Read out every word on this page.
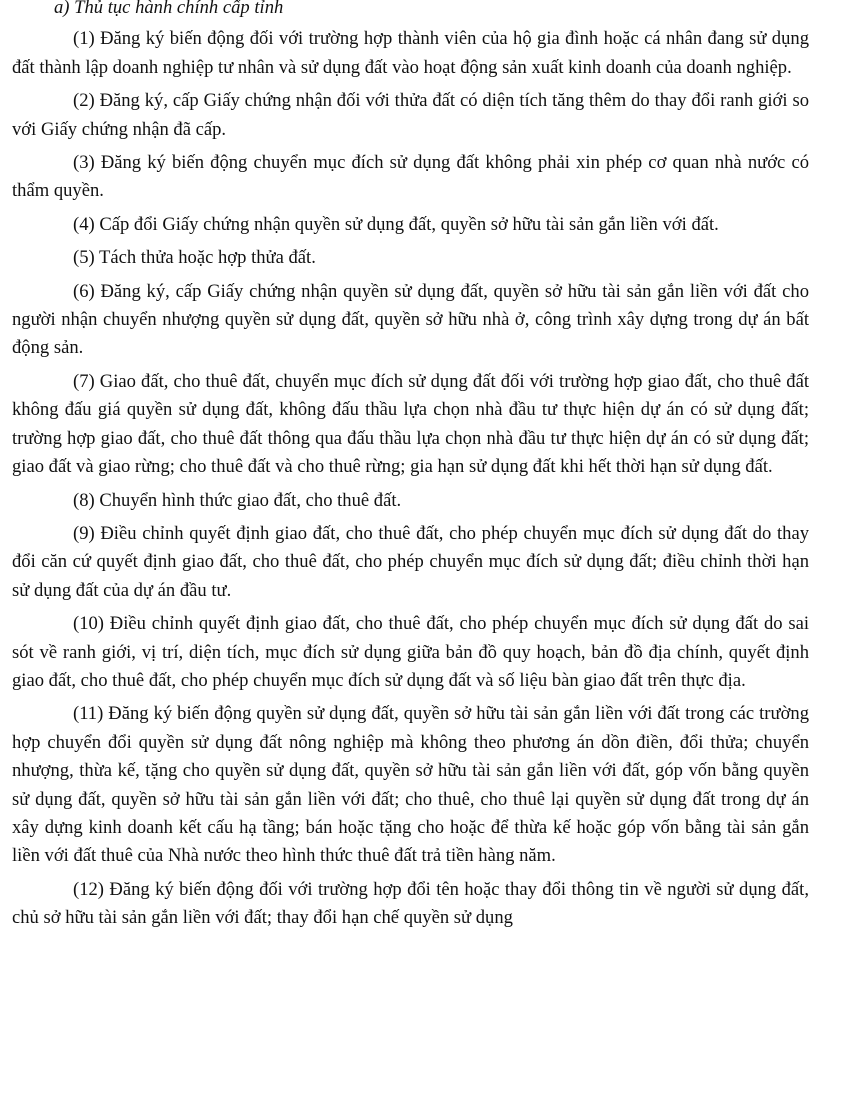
a) Thủ tục hành chính cấp tỉnh

(1) Đăng ký biến động đối với trường hợp thành viên của hộ gia đình hoặc cá nhân đang sử dụng đất thành lập doanh nghiệp tư nhân và sử dụng đất vào hoạt động sản xuất kinh doanh của doanh nghiệp.

(2) Đăng ký, cấp Giấy chứng nhận đối với thửa đất có diện tích tăng thêm do thay đổi ranh giới so với Giấy chứng nhận đã cấp.

(3) Đăng ký biến động chuyển mục đích sử dụng đất không phải xin phép cơ quan nhà nước có thẩm quyền.

(4) Cấp đổi Giấy chứng nhận quyền sử dụng đất, quyền sở hữu tài sản gắn liền với đất.

(5) Tách thửa hoặc hợp thửa đất.

(6) Đăng ký, cấp Giấy chứng nhận quyền sử dụng đất, quyền sở hữu tài sản gắn liền với đất cho người nhận chuyển nhượng quyền sử dụng đất, quyền sở hữu nhà ở, công trình xây dựng trong dự án bất động sản.

(7) Giao đất, cho thuê đất, chuyển mục đích sử dụng đất đối với trường hợp giao đất, cho thuê đất không đấu giá quyền sử dụng đất, không đấu thầu lựa chọn nhà đầu tư thực hiện dự án có sử dụng đất; trường hợp giao đất, cho thuê đất thông qua đấu thầu lựa chọn nhà đầu tư thực hiện dự án có sử dụng đất; giao đất và giao rừng; cho thuê đất và cho thuê rừng; gia hạn sử dụng đất khi hết thời hạn sử dụng đất.

(8) Chuyển hình thức giao đất, cho thuê đất.

(9) Điều chỉnh quyết định giao đất, cho thuê đất, cho phép chuyển mục đích sử dụng đất do thay đổi căn cứ quyết định giao đất, cho thuê đất, cho phép chuyển mục đích sử dụng đất; điều chỉnh thời hạn sử dụng đất của dự án đầu tư.

(10) Điều chỉnh quyết định giao đất, cho thuê đất, cho phép chuyển mục đích sử dụng đất do sai sót về ranh giới, vị trí, diện tích, mục đích sử dụng giữa bản đồ quy hoạch, bản đồ địa chính, quyết định giao đất, cho thuê đất, cho phép chuyển mục đích sử dụng đất và số liệu bàn giao đất trên thực địa.

(11) Đăng ký biến động quyền sử dụng đất, quyền sở hữu tài sản gắn liền với đất trong các trường hợp chuyển đổi quyền sử dụng đất nông nghiệp mà không theo phương án dồn điền, đổi thửa; chuyển nhượng, thừa kế, tặng cho quyền sử dụng đất, quyền sở hữu tài sản gắn liền với đất, góp vốn bằng quyền sử dụng đất, quyền sở hữu tài sản gắn liền với đất; cho thuê, cho thuê lại quyền sử dụng đất trong dự án xây dựng kinh doanh kết cấu hạ tầng; bán hoặc tặng cho hoặc để thừa kế hoặc góp vốn bằng tài sản gắn liền với đất thuê của Nhà nước theo hình thức thuê đất trả tiền hàng năm.

(12) Đăng ký biến động đối với trường hợp đổi tên hoặc thay đổi thông tin về người sử dụng đất, chủ sở hữu tài sản gắn liền với đất; thay đổi hạn chế quyền sử dụng
